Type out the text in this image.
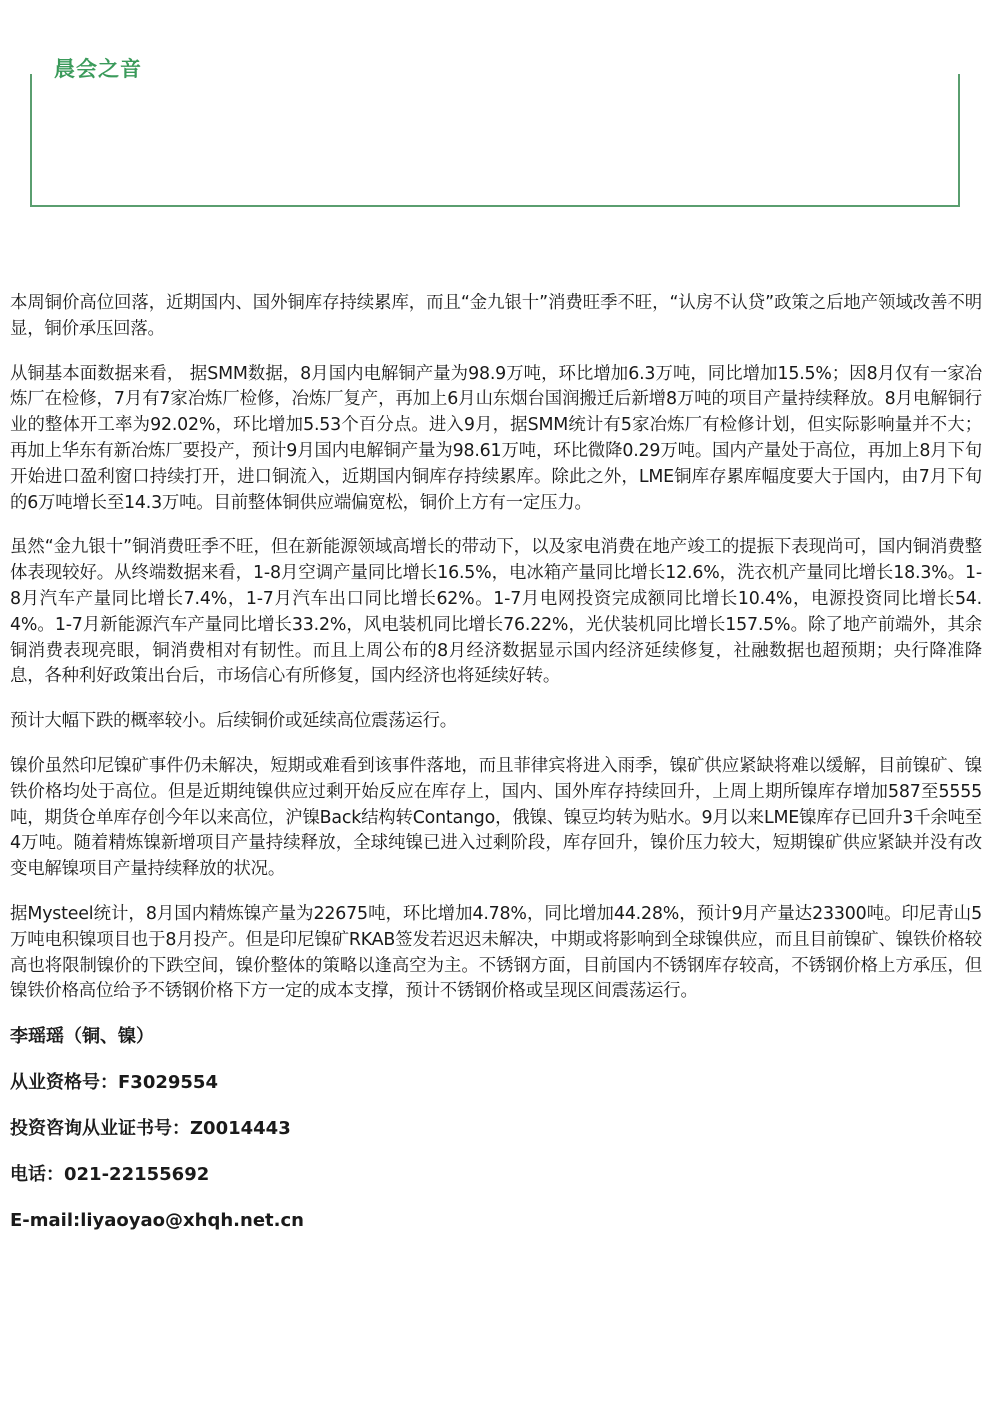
晨会之音

本周铜价高位回落，近期国内、国外铜库存持续累库，而且“金九银十”消费旺季不旺，“认房不认贷”政策之后地产领域改善不明显，铜价承压回落。

从铜基本面数据来看， 据SMM数据，8月国内电解铜产量为98.9万吨，环比增加6.3万吨，同比增加15.5%；因8月仅有一家冶炼厂在检修，7月有7家冶炼厂检修，冶炼厂复产，再加上6月山东烟台国润搬迁后新增8万吨的项目产量持续释放。8月电解铜行业的整体开工率为92.02%，环比增加5.53个百分点。进入9月，据SMM统计有5家冶炼厂有检修计划，但实际影响量并不大；再加上华东有新冶炼厂要投产，预计9月国内电解铜产量为98.61万吨，环比微降0.29万吨。国内产量处于高位，再加上8月下旬开始进口盈利窗口持续打开，进口铜流入，近期国内铜库存持续累库。除此之外，LME铜库存累库幅度要大于国内，由7月下旬的6万吨增长至14.3万吨。目前整体铜供应端偏宽松，铜价上方有一定压力。

虽然“金九银十”铜消费旺季不旺，但在新能源领域高增长的带动下，以及家电消费在地产竣工的提振下表现尚可，国内铜消费整体表现较好。从终端数据来看，1-8月空调产量同比增长16.5%，电冰箱产量同比增长12.6%，洗衣机产量同比增长18.3%。1-8月汽车产量同比增长7.4%，1-7月汽车出口同比增长62%。1-7月电网投资完成额同比增长10.4%，电源投资同比增长54.4%。1-7月新能源汽车产量同比增长33.2%，风电装机同比增长76.22%，光伏装机同比增长157.5%。除了地产前端外，其余铜消费表现亮眼，铜消费相对有韧性。而且上周公布的8月经济数据显示国内经济延续修复，社融数据也超预期；央行降准降息，各种利好政策出台后，市场信心有所修复，国内经济也将延续好转。

预计大幅下跌的概率较小。后续铜价或延续高位震荡运行。

镍价虽然印尼镍矿事件仍未解决，短期或难看到该事件落地，而且菲律宾将进入雨季，镍矿供应紧缺将难以缓解，目前镍矿、镍铁价格均处于高位。但是近期纯镍供应过剩开始反应在库存上，国内、国外库存持续回升，上周上期所镍库存增加587至5555吨，期货仓单库存创今年以来高位，沪镍Back结构转Contango，俄镍、镍豆均转为贴水。9月以来LME镍库存已回升3千余吨至4万吨。随着精炼镍新增项目产量持续释放，全球纯镍已进入过剩阶段，库存回升，镍价压力较大，短期镍矿供应紧缺并没有改变电解镍项目产量持续释放的状况。

据Mysteel统计，8月国内精炼镍产量为22675吨，环比增加4.78%，同比增加44.28%，预计9月产量达23300吨。印尼青山5万吨电积镍项目也于8月投产。但是印尼镍矿RKAB签发若迟迟未解决，中期或将影响到全球镍供应，而且目前镍矿、镍铁价格较高也将限制镍价的下跌空间，镍价整体的策略以逢高空为主。不锈钢方面，目前国内不锈钢库存较高，不锈钢价格上方承压，但镍铁价格高位给予不锈钢价格下方一定的成本支撑，预计不锈钢价格或呈现区间震荡运行。

李瑶瑶（铜、镍）

从业资格号：F3029554

投资咨询从业证书号：Z0014443

电话：021-22155692

E-mail:liyaoyao@xhqh.net.cn
